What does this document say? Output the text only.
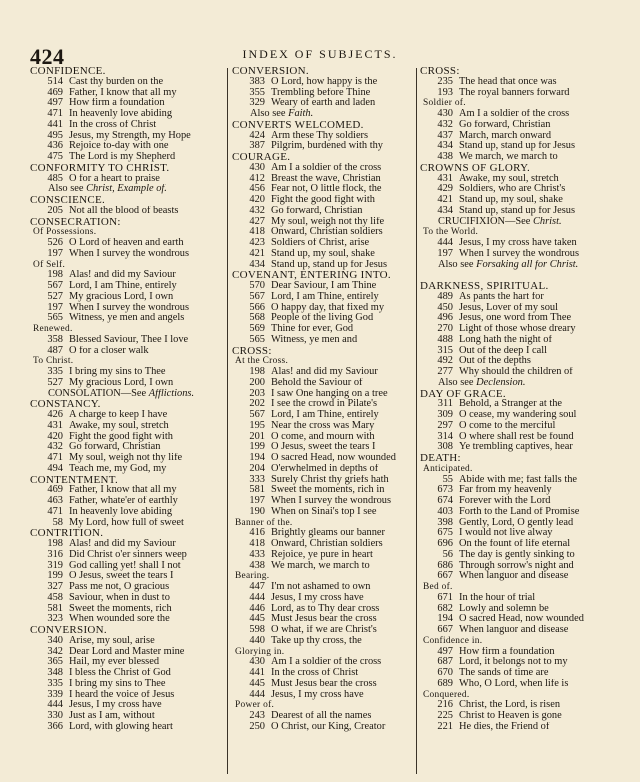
424	INDEX OF SUBJECTS.
CONFIDENCE.
514 Cast thy burden on the
469 Father, I know that all my
497 How firm a foundation
471 In heavenly love abiding
441 In the cross of Christ
495 Jesus, my Strength, my Hope
436 Rejoice to-day with one
475 The Lord is my Shepherd
CONFORMITY TO CHRIST.
485 O for a heart to praise
Also see Christ, Example of.
CONSCIENCE.
205 Not all the blood of beasts
CONSECRATION:
Of Possessions.
526 O Lord of heaven and earth
197 When I survey the wondrous
Of Self.
198 Alas! and did my Saviour
567 Lord, I am Thine, entirely
527 My gracious Lord, I own
197 When I survey the wondrous
565 Witness, ye men and angels
Renewed.
358 Blessed Saviour, Thee I love
487 O for a closer walk
To Christ.
335 I bring my sins to Thee
527 My gracious Lord, I own
CONSOLATION—See Afflictions.
CONSTANCY.
426 A charge to keep I have
431 Awake, my soul, stretch
420 Fight the good fight with
432 Go forward, Christian
471 My soul, weigh not thy life
494 Teach me, my God, my
CONTENTMENT.
469 Father, I know that all my
463 Father, whate'er of earthly
471 In heavenly love abiding
58 My Lord, how full of sweet
CONTRITION.
198 Alas! and did my Saviour
316 Did Christ o'er sinners weep
319 God calling yet! shall I not
199 O Jesus, sweet the tears I
327 Pass me not, O gracious
458 Saviour, when in dust to
581 Sweet the moments, rich
323 When wounded sore the
CONVERSION.
340 Arise, my soul, arise
342 Dear Lord and Master mine
365 Hail, my ever blessed
348 I bless the Christ of God
335 I bring my sins to Thee
339 I heard the voice of Jesus
444 Jesus, I my cross have
330 Just as I am, without
366 Lord, with glowing heart
CONVERSION.
383 O Lord, how happy is the
355 Trembling before Thine
329 Weary of earth and laden
Also see Faith.
CONVERTS WELCOMED.
424 Arm these Thy soldiers
387 Pilgrim, burdened with thy
COURAGE.
430 Am I a soldier of the cross
412 Breast the wave, Christian
456 Fear not, O little flock, the
420 Fight the good fight with
432 Go forward, Christian
427 My soul, weigh not thy life
418 Onward, Christian soldiers
423 Soldiers of Christ, arise
421 Stand up, my soul, shake
434 Stand up, stand up for Jesus
COVENANT, ENTERING INTO.
570 Dear Saviour, I am Thine
567 Lord, I am Thine, entirely
566 O happy day, that fixed my
568 People of the living God
569 Thine for ever, God
565 Witness, ye men and
CROSS:
At the Cross.
198 Alas! and did my Saviour
200 Behold the Saviour of
203 I saw One hanging on a tree
202 I see the crowd in Pilate's
567 Lord, I am Thine, entirely
195 Near the cross was Mary
201 O come, and mourn with
199 O Jesus, sweet the tears I
194 O sacred Head, now wounded
204 O'erwhelmed in depths of
333 Surely Christ thy griefs hath
581 Sweet the moments, rich in
197 When I survey the wondrous
190 When on Sinai's top I see
Banner of the.
416 Brightly gleams our banner
418 Onward, Christian soldiers
433 Rejoice, ye pure in heart
438 We march, we march to
Bearing.
447 I'm not ashamed to own
444 Jesus, I my cross have
446 Lord, as to Thy dear cross
445 Must Jesus bear the cross
598 O what, if we are Christ's
440 Take up thy cross, the
Glorying in.
430 Am I a soldier of the cross
441 In the cross of Christ
445 Must Jesus bear the cross
444 Jesus, I my cross have
Power of.
243 Dearest of all the names
250 O Christ, our King, Creator
CROSS:
235 The head that once was
193 The royal banners forward
Soldier of.
430 Am I a soldier of the cross
432 Go forward, Christian
437 March, march onward
434 Stand up, stand up for Jesus
438 We march, we march to
CROWNS OF GLORY.
431 Awake, my soul, stretch
429 Soldiers, who are Christ's
421 Stand up, my soul, shake
434 Stand up, stand up for Jesus
CRUCIFIXION—See Christ.
To the World.
444 Jesus, I my cross have taken
197 When I survey the wondrous
Also see Forsaking all for Christ.
DARKNESS, SPIRITUAL.
489 As pants the hart for
450 Jesus, Lover of my soul
496 Jesus, one word from Thee
270 Light of those whose dreary
488 Long hath the night of
315 Out of the deep I call
492 Out of the depths
277 Why should the children of
Also see Declension.
DAY OF GRACE.
311 Behold, a Stranger at the
309 O cease, my wandering soul
297 O come to the merciful
314 O where shall rest be found
308 Ye trembling captives, hear
DEATH:
Anticipated.
55 Abide with me; fast falls the
673 Far from my heavenly
674 Forever with the Lord
403 Forth to the Land of Promise
398 Gently, Lord, O gently lead
675 I would not live alway
696 On the fount of life eternal
56 The day is gently sinking to
686 Through sorrow's night and
667 When languor and disease
Bed of.
671 In the hour of trial
682 Lowly and solemn be
194 O sacred Head, now wounded
667 When languor and disease
Confidence in.
497 How firm a foundation
687 Lord, it belongs not to my
670 The sands of time are
689 Who, O Lord, when life is
Conquered.
216 Christ, the Lord, is risen
225 Christ to Heaven is gone
221 He dies, the Friend of
